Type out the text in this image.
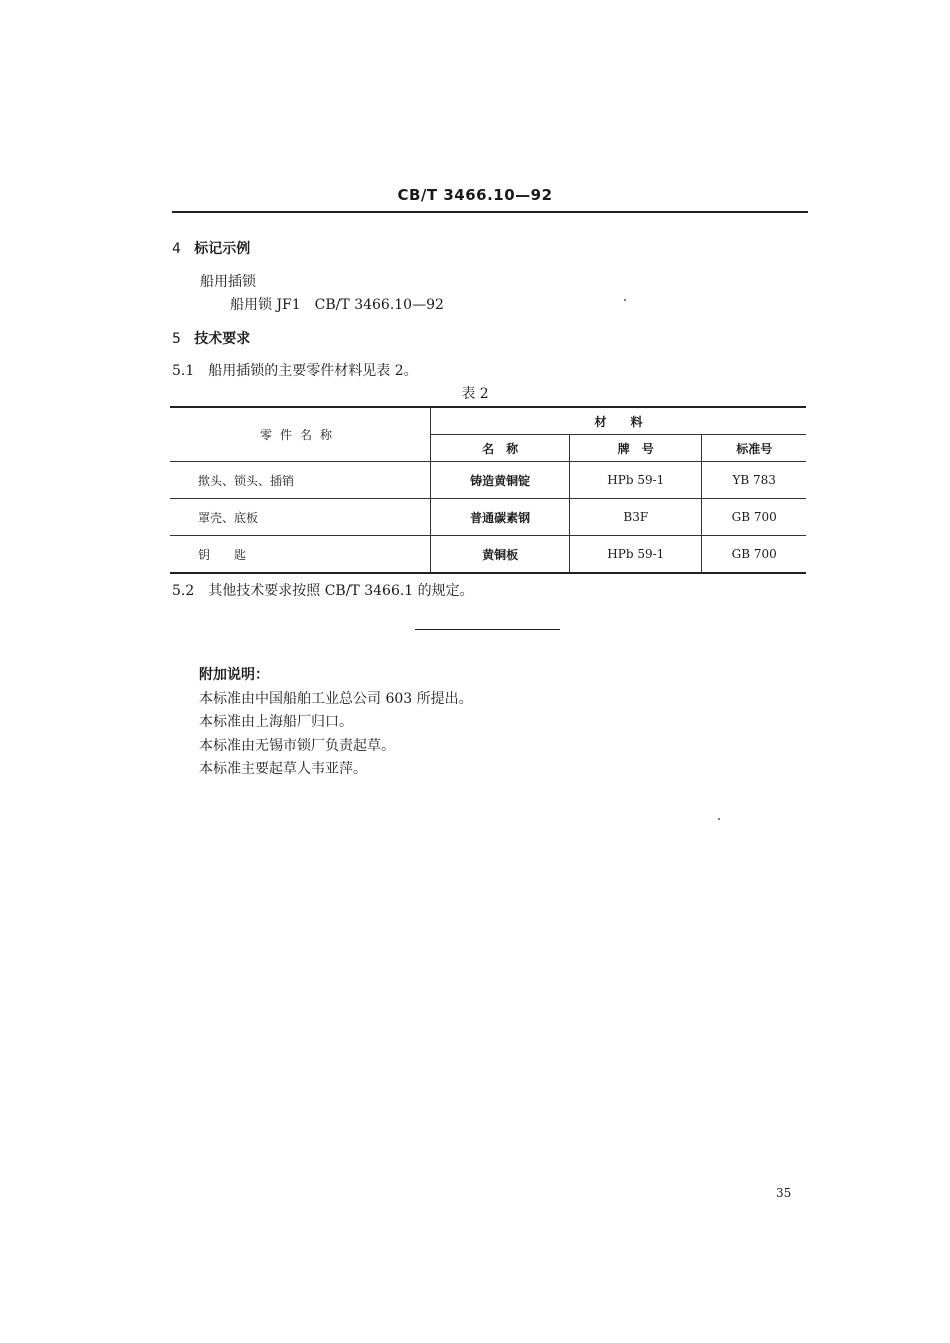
CB/T 3466.10—92
4 标记示例
船用插锁
船用锁 JF1　CB/T 3466.10—92
5 技术要求
5.1　船用插锁的主要零件材料见表 2。
表 2
零件名称	材　　料		
	名　称	牌　号	标准号
揿头、锁头、插销	铸造黄铜锭	HPb 59-1	YB 783
罩壳、底板	普通碳素钢	B3F	GB 700
钥　　匙	黄铜板	HPb 59-1	GB 700
5.2　其他技术要求按照 CB/T 3466.1 的规定。
附加说明：
本标准由中国船舶工业总公司 603 所提出。
本标准由上海船厂归口。
本标准由无锡市锁厂负责起草。
本标准主要起草人韦亚萍。
35
